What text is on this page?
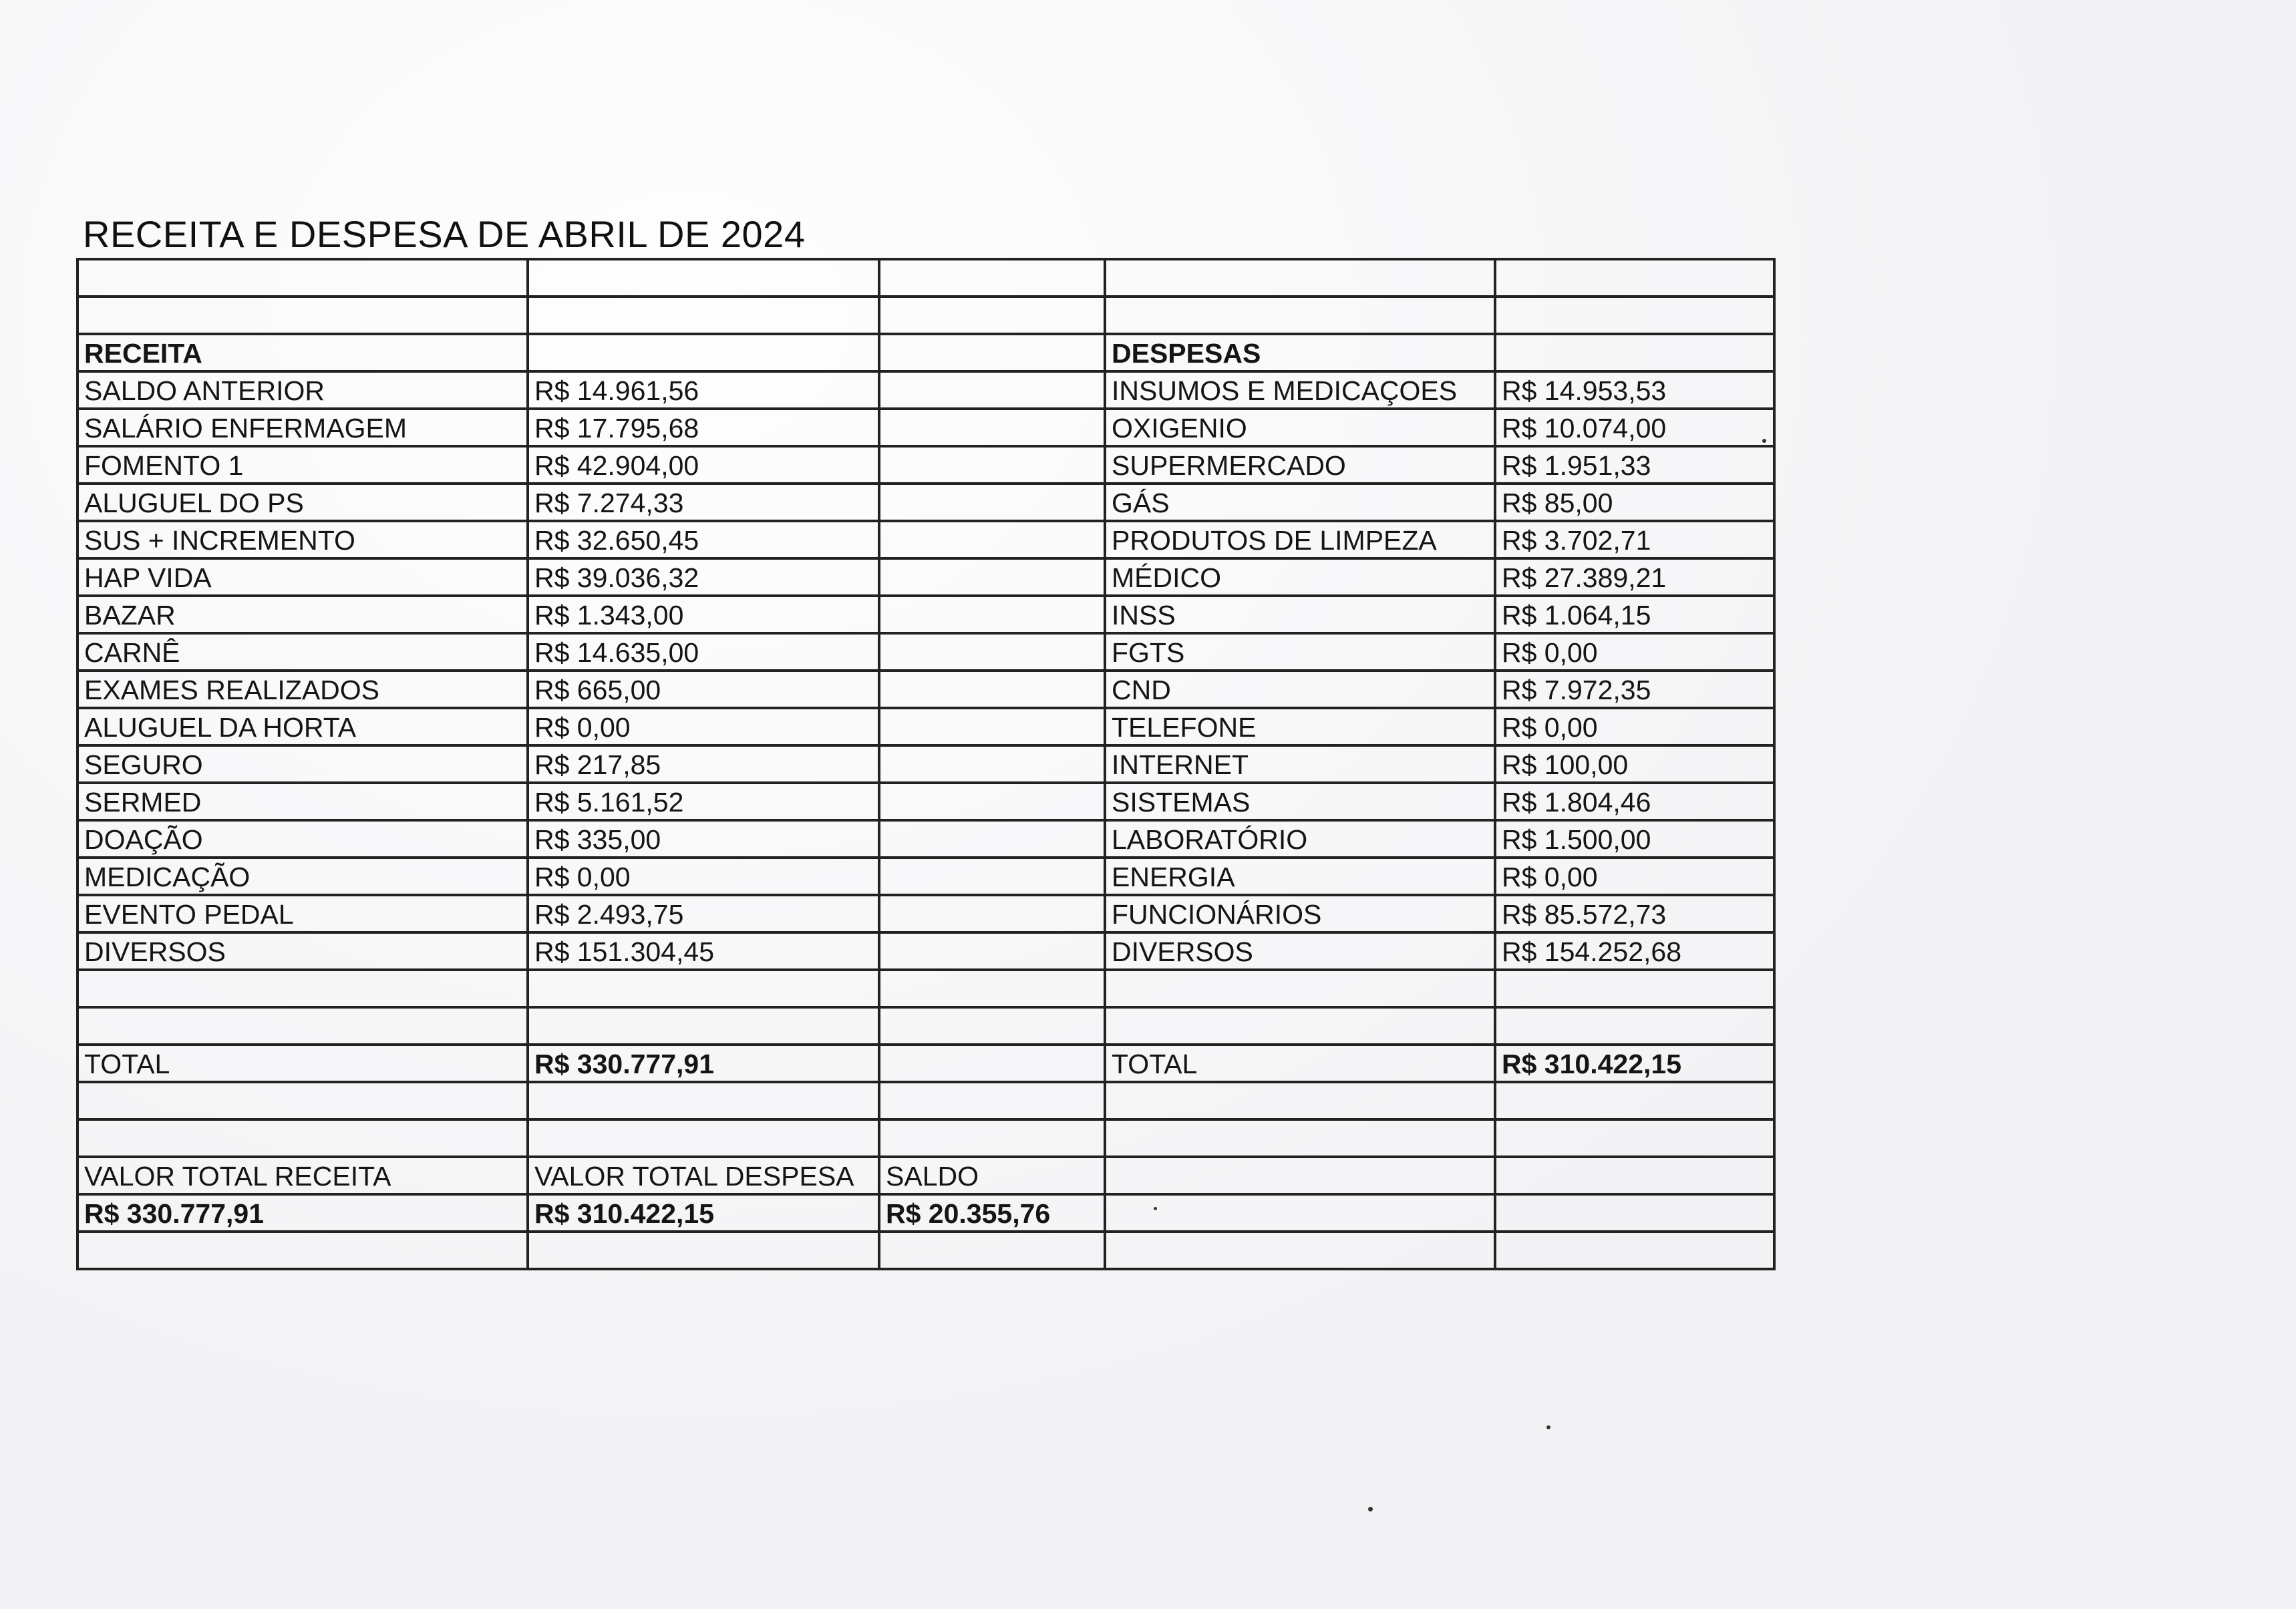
RECEITA E DESPESA DE ABRIL DE 2024

RECEITA			DESPESAS	
SALDO ANTERIOR	R$ 14.961,56		INSUMOS E MEDICAÇOES	R$ 14.953,53
SALÁRIO ENFERMAGEM	R$ 17.795,68		OXIGENIO	R$ 10.074,00
FOMENTO 1	R$ 42.904,00		SUPERMERCADO	R$ 1.951,33
ALUGUEL DO PS	R$ 7.274,33		GÁS	R$ 85,00
SUS + INCREMENTO	R$ 32.650,45		PRODUTOS DE LIMPEZA	R$ 3.702,71
HAP VIDA	R$ 39.036,32		MÉDICO	R$ 27.389,21
BAZAR	R$ 1.343,00		INSS	R$ 1.064,15
CARNÊ	R$ 14.635,00		FGTS	R$ 0,00
EXAMES REALIZADOS	R$ 665,00		CND	R$ 7.972,35
ALUGUEL DA HORTA	R$ 0,00		TELEFONE	R$ 0,00
SEGURO	R$ 217,85		INTERNET	R$ 100,00
SERMED	R$ 5.161,52		SISTEMAS	R$ 1.804,46
DOAÇÃO	R$ 335,00		LABORATÓRIO	R$ 1.500,00
MEDICAÇÃO	R$ 0,00		ENERGIA	R$ 0,00
EVENTO PEDAL	R$ 2.493,75		FUNCIONÁRIOS	R$ 85.572,73
DIVERSOS	R$ 151.304,45		DIVERSOS	R$ 154.252,68

TOTAL	R$ 330.777,91		TOTAL	R$ 310.422,15

VALOR TOTAL RECEITA	VALOR TOTAL DESPESA	SALDO		
R$ 330.777,91	R$ 310.422,15	R$ 20.355,76		
